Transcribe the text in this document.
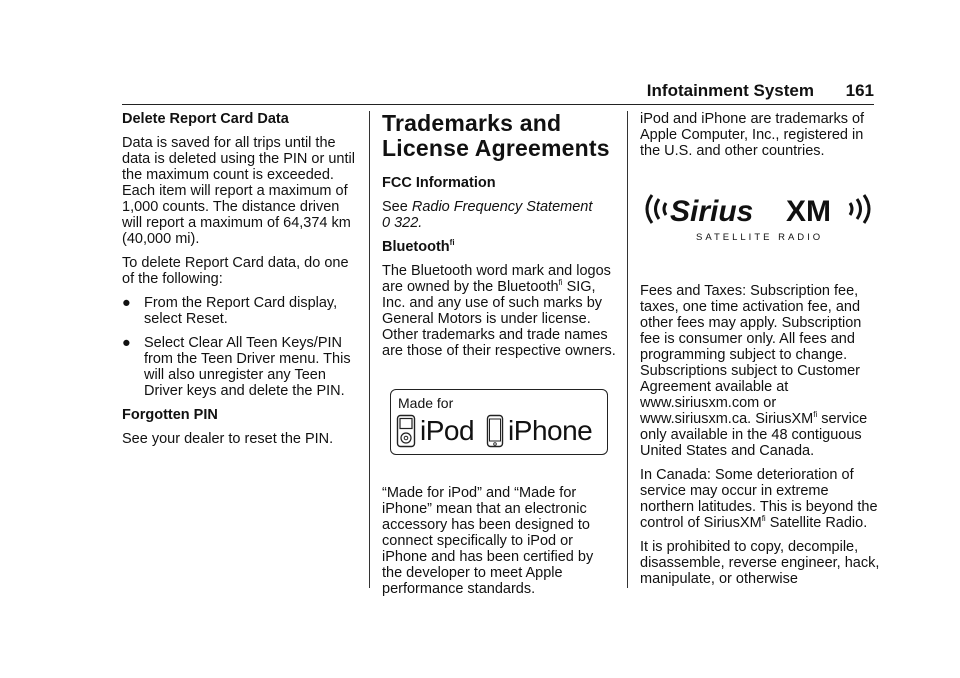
Infotainment System 161
Delete Report Card Data

Data is saved for all trips until the data is deleted using the PIN or until the maximum count is exceeded. Each item will report a maximum of 1,000 counts. The distance driven will report a maximum of 64,374 km (40,000 mi).

To delete Report Card data, do one of the following:

● From the Report Card display, select Reset.
● Select Clear All Teen Keys/PIN from the Teen Driver menu. This will also unregister any Teen Driver keys and delete the PIN.
Forgotten PIN

See your dealer to reset the PIN.

Trademarks and
License Agreements
FCC Information

See Radio Frequency Statement
0 322.

Bluetooth$^{fi}$

The Bluetooth word mark and logos are owned by the Bluetooth$^{fi}$ SIG, Inc. and any use of such marks by General Motors is under license. Other trademarks and trade names are those of their respective owners.

Made for
iPod iPhone

“Made for iPod” and “Made for iPhone” mean that an electronic accessory has been designed to connect specifically to iPod or iPhone and has been certified by the developer to meet Apple performance standards.

iPod and iPhone are trademarks of Apple Computer, Inc., registered in the U.S. and other countries.

Sirius XM
SATELLITE RADIO

Fees and Taxes: Subscription fee, taxes, one time activation fee, and other fees may apply. Subscription fee is consumer only. All fees and programming subject to change. Subscriptions subject to Customer Agreement available at www.siriusxm.com or www.siriusxm.ca. SiriusXM$^{fi}$ service only available in the 48 contiguous United States and Canada.

In Canada: Some deterioration of service may occur in extreme northern latitudes. This is beyond the control of SiriusXM$^{fi}$ Satellite Radio.

It is prohibited to copy, decompile, disassemble, reverse engineer, hack, manipulate, or otherwise
